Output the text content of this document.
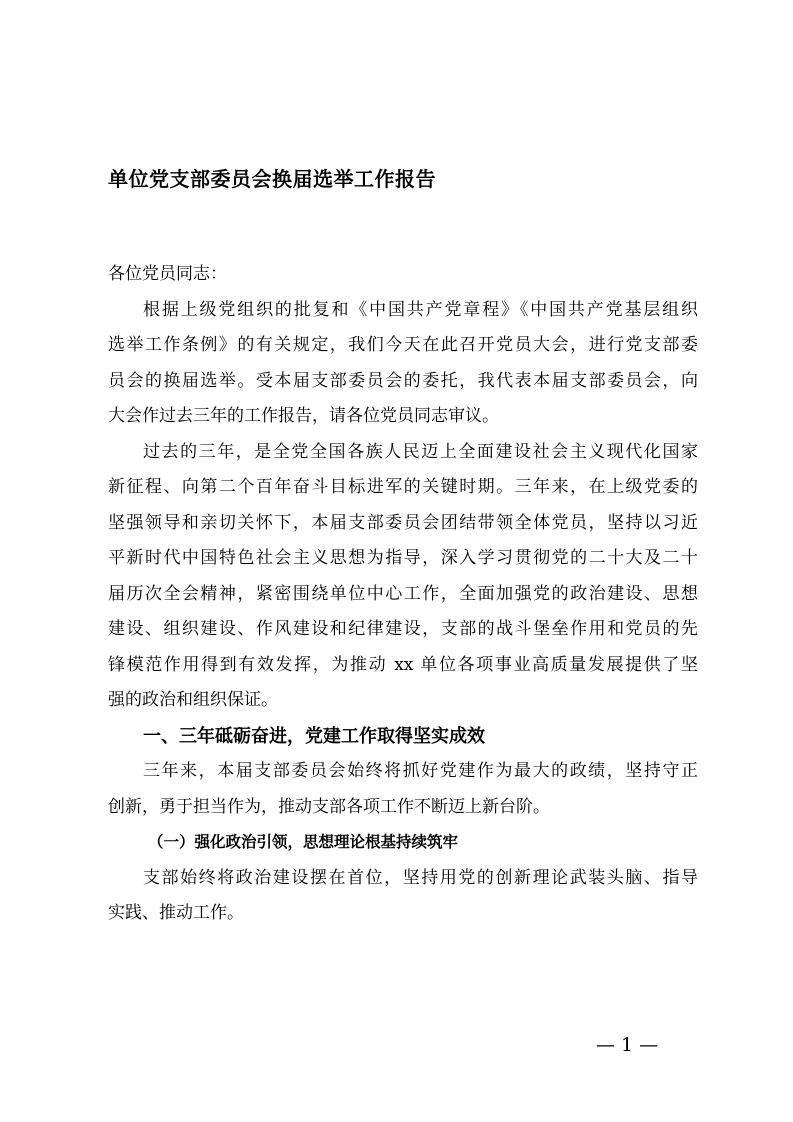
单位党支部委员会换届选举工作报告
各位党员同志：
根据上级党组织的批复和《中国共产党章程》《中国共产党基层组织
选举工作条例》的有关规定，我们今天在此召开党员大会，进行党支部委
员会的换届选举。受本届支部委员会的委托，我代表本届支部委员会，向
大会作过去三年的工作报告，请各位党员同志审议。
过去的三年，是全党全国各族人民迈上全面建设社会主义现代化国家
新征程、向第二个百年奋斗目标进军的关键时期。三年来，在上级党委的
坚强领导和亲切关怀下，本届支部委员会团结带领全体党员，坚持以习近
平新时代中国特色社会主义思想为指导，深入学习贯彻党的二十大及二十
届历次全会精神，紧密围绕单位中心工作，全面加强党的政治建设、思想
建设、组织建设、作风建设和纪律建设，支部的战斗堡垒作用和党员的先
锋模范作用得到有效发挥，为推动 xx 单位各项事业高质量发展提供了坚
强的政治和组织保证。
一、三年砥砺奋进，党建工作取得坚实成效
三年来，本届支部委员会始终将抓好党建作为最大的政绩，坚持守正
创新，勇于担当作为，推动支部各项工作不断迈上新台阶。
（一）强化政治引领，思想理论根基持续筑牢
支部始终将政治建设摆在首位，坚持用党的创新理论武装头脑、指导
实践、推动工作。
— 1 —
